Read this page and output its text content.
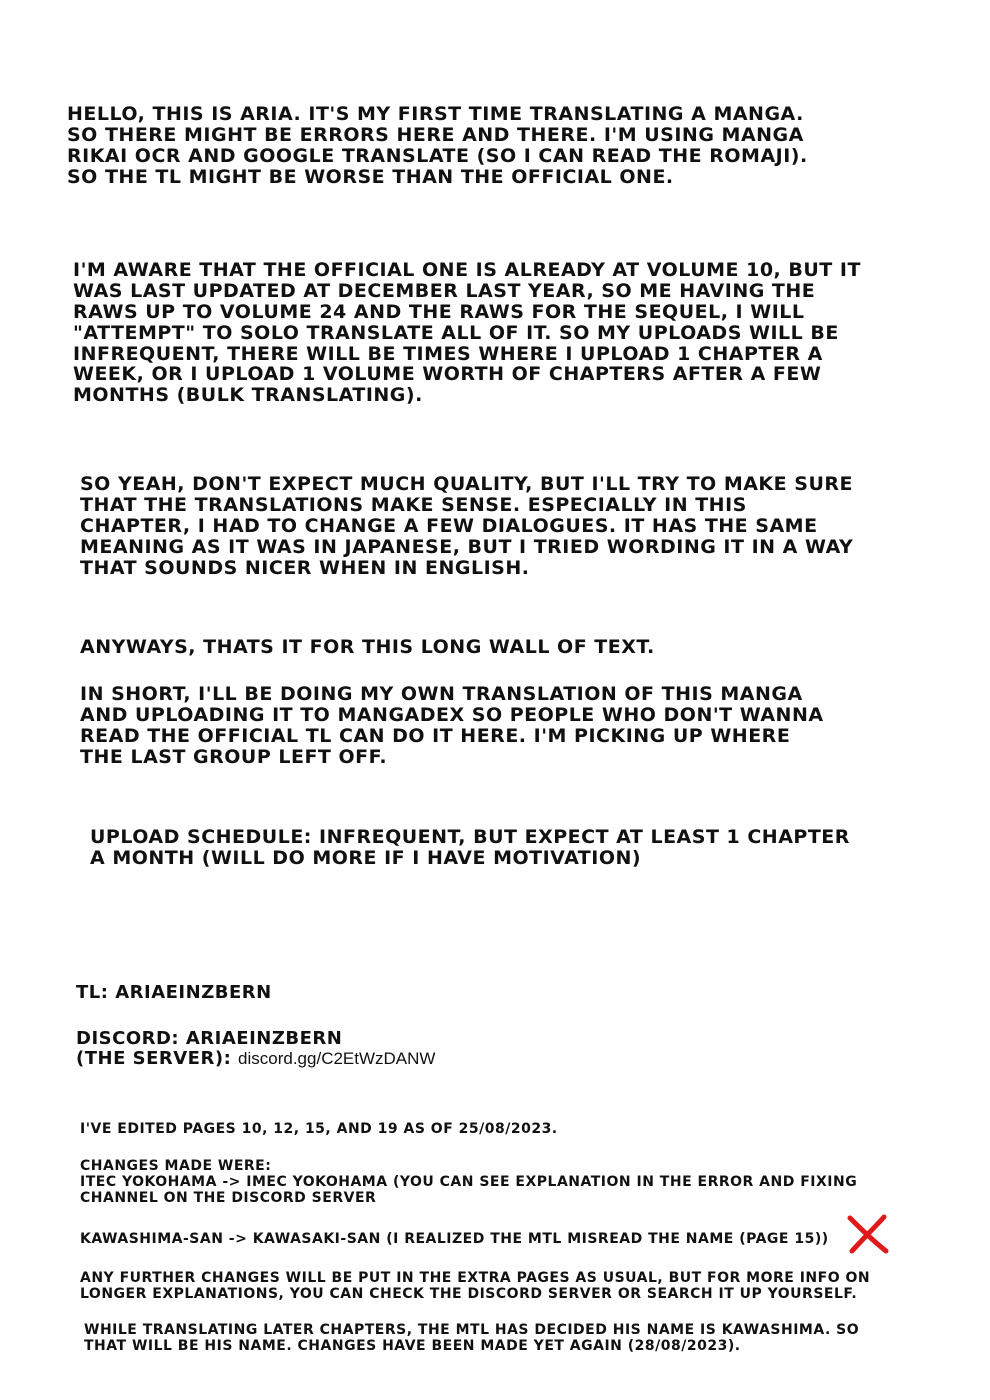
HELLO, THIS IS ARIA. IT'S MY FIRST TIME TRANSLATING A MANGA. SO THERE MIGHT BE ERRORS HERE AND THERE. I'M USING MANGA RIKAI OCR AND GOOGLE TRANSLATE (SO I CAN READ THE ROMAJI). SO THE TL MIGHT BE WORSE THAN THE OFFICIAL ONE.
I'M AWARE THAT THE OFFICIAL ONE IS ALREADY AT VOLUME 10, BUT IT WAS LAST UPDATED AT DECEMBER LAST YEAR, SO ME HAVING THE RAWS UP TO VOLUME 24 AND THE RAWS FOR THE SEQUEL, I WILL "ATTEMPT" TO SOLO TRANSLATE ALL OF IT. SO MY UPLOADS WILL BE INFREQUENT, THERE WILL BE TIMES WHERE I UPLOAD 1 CHAPTER A WEEK, OR I UPLOAD 1 VOLUME WORTH OF CHAPTERS AFTER A FEW MONTHS (BULK TRANSLATING).
SO YEAH, DON'T EXPECT MUCH QUALITY, BUT I'LL TRY TO MAKE SURE THAT THE TRANSLATIONS MAKE SENSE. ESPECIALLY IN THIS CHAPTER, I HAD TO CHANGE A FEW DIALOGUES. IT HAS THE SAME MEANING AS IT WAS IN JAPANESE, BUT I TRIED WORDING IT IN A WAY THAT SOUNDS NICER WHEN IN ENGLISH.
ANYWAYS, THATS IT FOR THIS LONG WALL OF TEXT.
IN SHORT, I'LL BE DOING MY OWN TRANSLATION OF THIS MANGA AND UPLOADING IT TO MANGADEX SO PEOPLE WHO DON'T WANNA READ THE OFFICIAL TL CAN DO IT HERE. I'M PICKING UP WHERE THE LAST GROUP LEFT OFF.
UPLOAD SCHEDULE: INFREQUENT, BUT EXPECT AT LEAST 1 CHAPTER A MONTH (WILL DO MORE IF I HAVE MOTIVATION)
TL: ARIAEINZBERN
DISCORD: ARIAEINZBERN
(THE SERVER): discord.gg/C2EtWzDANW
I'VE EDITED PAGES 10, 12, 15, AND 19 AS OF 25/08/2023.
CHANGES MADE WERE:
ITEC YOKOHAMA -> IMEC YOKOHAMA (YOU CAN SEE EXPLANATION IN THE ERROR AND FIXING CHANNEL ON THE DISCORD SERVER
KAWASHIMA-SAN -> KAWASAKI-SAN (I REALIZED THE MTL MISREAD THE NAME (PAGE 15))
ANY FURTHER CHANGES WILL BE PUT IN THE EXTRA PAGES AS USUAL, BUT FOR MORE INFO ON LONGER EXPLANATIONS, YOU CAN CHECK THE DISCORD SERVER OR SEARCH IT UP YOURSELF.
WHILE TRANSLATING LATER CHAPTERS, THE MTL HAS DECIDED HIS NAME IS KAWASHIMA. SO THAT WILL BE HIS NAME. CHANGES HAVE BEEN MADE YET AGAIN (28/08/2023).
